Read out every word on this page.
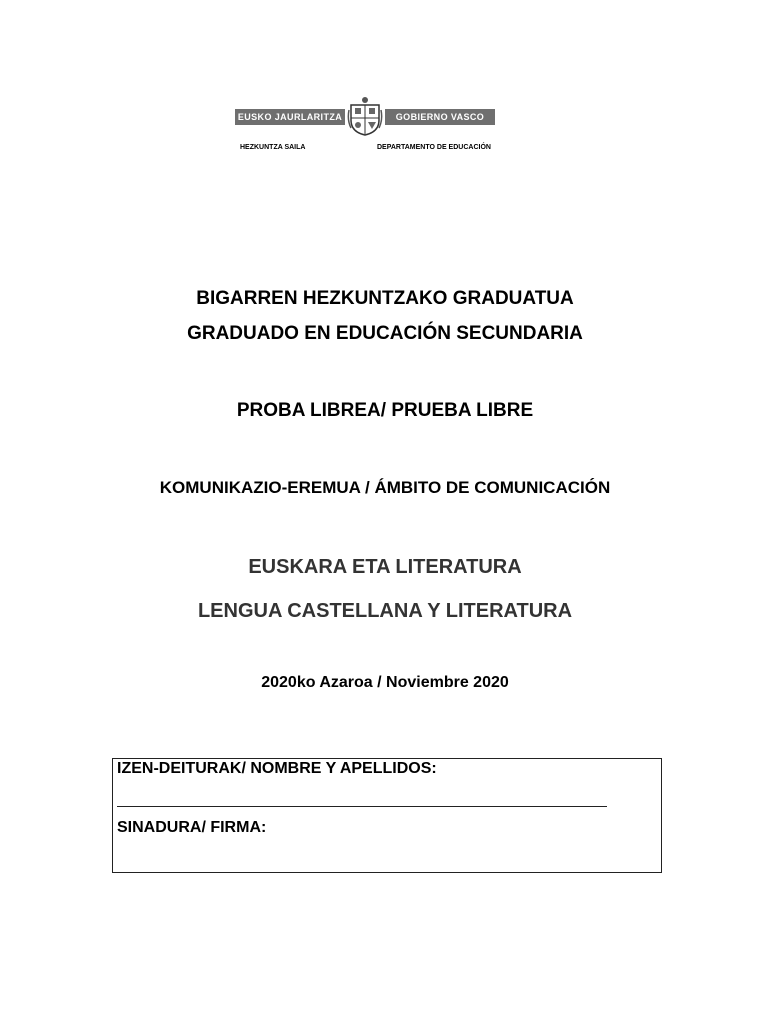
EUSKO JAURLARITZA	GOBIERNO VASCO
HEZKUNTZA SAILA	DEPARTAMENTO DE EDUCACIÓN
BIGARREN HEZKUNTZAKO GRADUATUA
GRADUADO EN EDUCACIÓN SECUNDARIA
PROBA LIBREA/ PRUEBA LIBRE
KOMUNIKAZIO-EREMUA / ÁMBITO DE COMUNICACIÓN
EUSKARA ETA LITERATURA
LENGUA CASTELLANA Y LITERATURA
2020ko Azaroa / Noviembre 2020
IZEN-DEITURAK/ NOMBRE Y APELLIDOS:
SINADURA/ FIRMA:
